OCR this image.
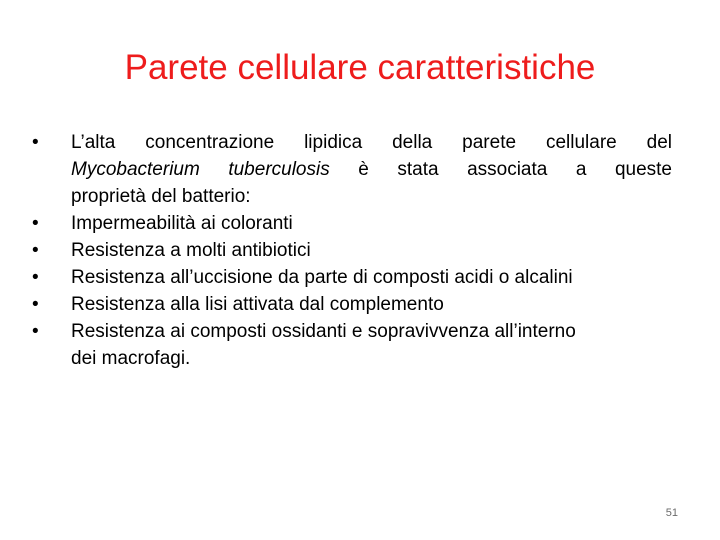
Parete cellulare caratteristiche
•	L’alta concentrazione lipidica della parete cellulare del
Mycobacterium tuberculosis è stata associata a queste
proprietà del batterio:
•	Impermeabilità ai coloranti
•	Resistenza a molti antibiotici
•	Resistenza all’uccisione da parte di composti acidi o alcalini
•	Resistenza alla lisi attivata dal complemento
•	Resistenza ai composti ossidanti e sopravivvenza all’interno
dei macrofagi.
51
